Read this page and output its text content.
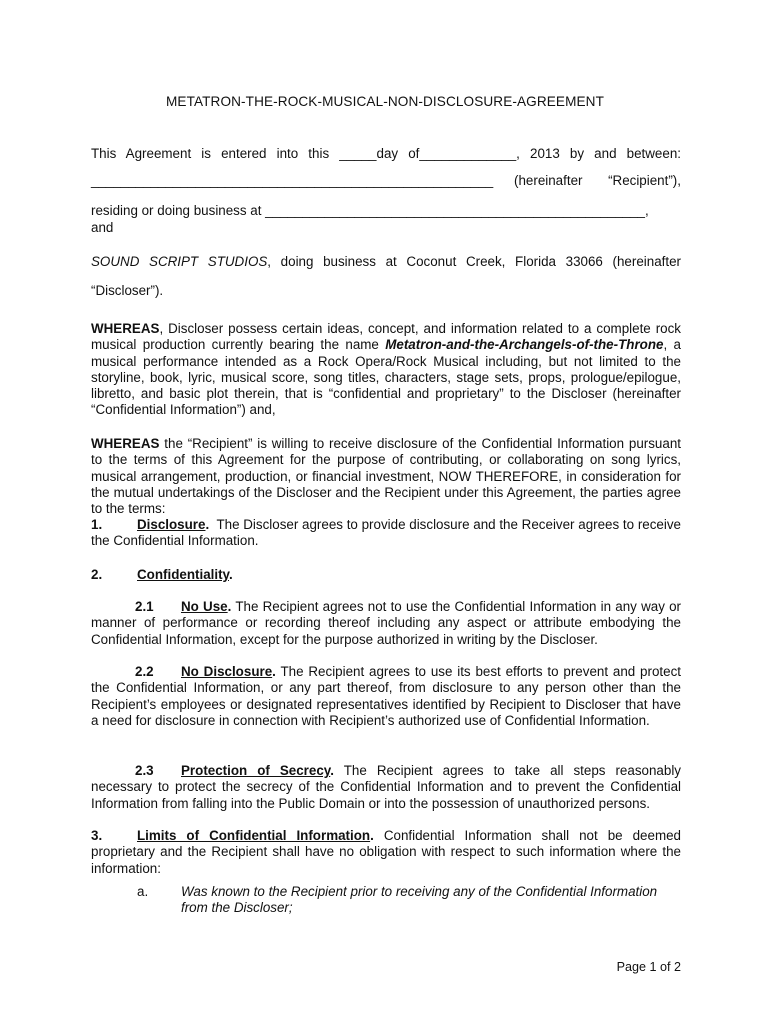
METATRON-THE-ROCK-MUSICAL-NON-DISCLOSURE-AGREEMENT
This Agreement is entered into this _____day of_____________, 2013 by and between:
______________________________________________________ (hereinafter “Recipient”),
residing or doing business at ___________________________________________________,
and
SOUND SCRIPT STUDIOS, doing business at Coconut Creek, Florida 33066 (hereinafter
“Discloser”).
WHEREAS, Discloser possess certain ideas, concept, and information related to a complete rock musical production currently bearing the name Metatron-and-the-Archangels-of-the-Throne, a musical performance intended as a Rock Opera/Rock Musical including, but not limited to the storyline, book, lyric, musical score, song titles, characters, stage sets, props, prologue/epilogue, libretto, and basic plot therein, that is “confidential and proprietary” to the Discloser (hereinafter “Confidential Information”) and,
WHEREAS the “Recipient” is willing to receive disclosure of the Confidential Information pursuant to the terms of this Agreement for the purpose of contributing, or collaborating on song lyrics, musical arrangement, production, or financial investment, NOW THEREFORE, in consideration for the mutual undertakings of the Discloser and the Recipient under this Agreement, the parties agree to the terms:
1.	Disclosure. The Discloser agrees to provide disclosure and the Receiver agrees to receive the Confidential Information.
2.	Confidentiality.
2.1 No Use. The Recipient agrees not to use the Confidential Information in any way or manner of performance or recording thereof including any aspect or attribute embodying the Confidential Information, except for the purpose authorized in writing by the Discloser.
2.2 No Disclosure. The Recipient agrees to use its best efforts to prevent and protect the Confidential Information, or any part thereof, from disclosure to any person other than the Recipient’s employees or designated representatives identified by Recipient to Discloser that have a need for disclosure in connection with Recipient’s authorized use of Confidential Information.
2.3 Protection of Secrecy. The Recipient agrees to take all steps reasonably necessary to protect the secrecy of the Confidential Information and to prevent the Confidential Information from falling into the Public Domain or into the possession of unauthorized persons.
3.	Limits of Confidential Information. Confidential Information shall not be deemed proprietary and the Recipient shall have no obligation with respect to such information where the information:
a. Was known to the Recipient prior to receiving any of the Confidential Information from the Discloser;
Page 1 of 2
